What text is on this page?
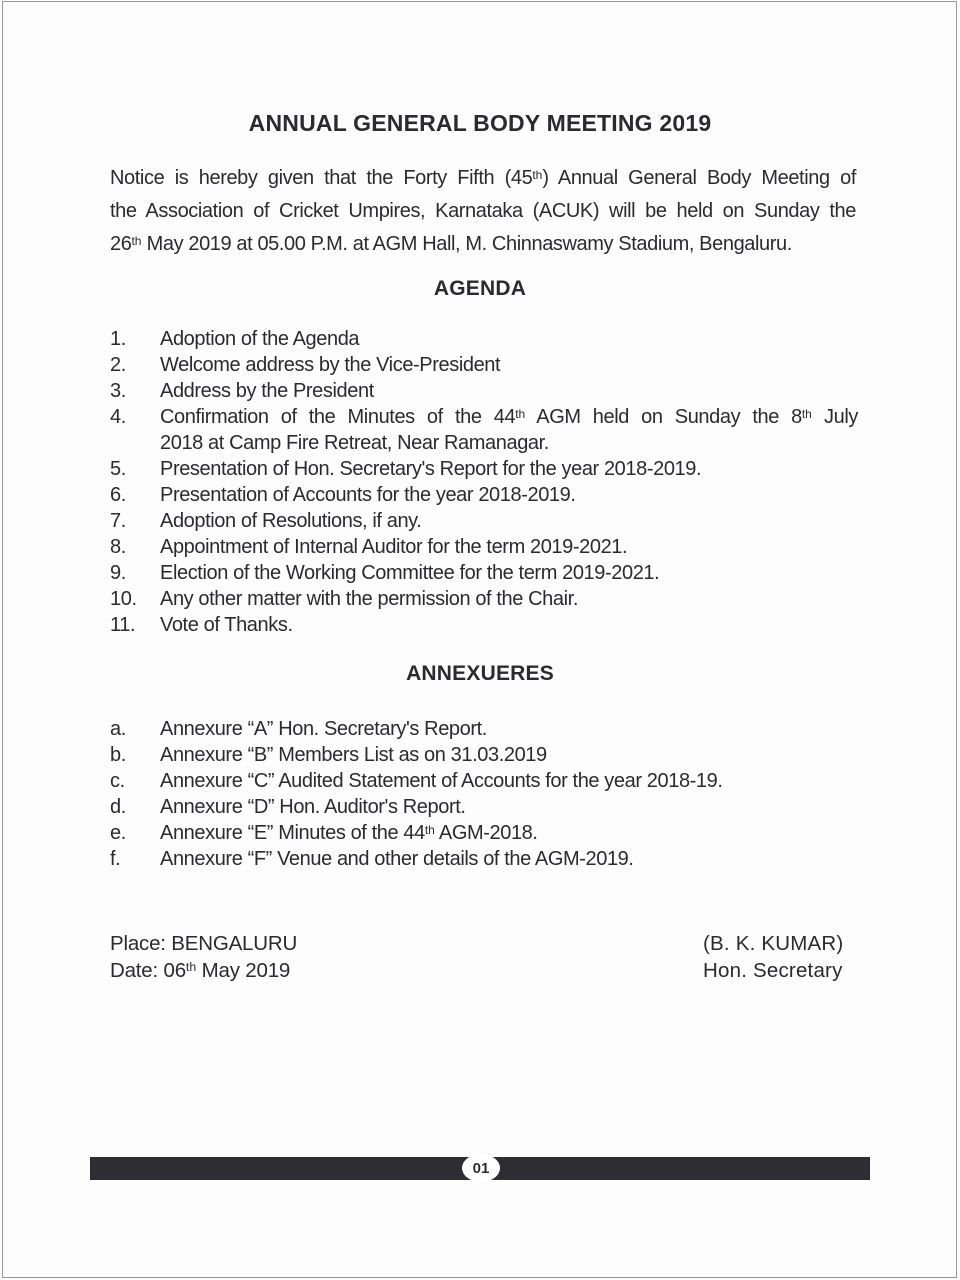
ANNUAL GENERAL BODY MEETING 2019
Notice is hereby given that the Forty Fifth (45th) Annual General Body Meeting of
the Association of Cricket Umpires, Karnataka (ACUK) will be held on Sunday the
26th May 2019 at 05.00 P.M. at AGM Hall, M. Chinnaswamy Stadium, Bengaluru.
AGENDA
1.	Adoption of the Agenda
2.	Welcome address by the Vice-President
3.	Address by the President
4.	Confirmation of the Minutes of the 44th AGM held on Sunday the 8th July
2018 at Camp Fire Retreat, Near Ramanagar.
5.	Presentation of Hon. Secretary's Report for the year 2018-2019.
6.	Presentation of Accounts for the year 2018-2019.
7.	Adoption of Resolutions, if any.
8.	Appointment of Internal Auditor for the term 2019-2021.
9.	Election of the Working Committee for the term 2019-2021.
10.	Any other matter with the permission of the Chair.
11.	Vote of Thanks.
ANNEXUERES
a.	Annexure “A” Hon. Secretary's Report.
b.	Annexure “B” Members List as on 31.03.2019
c.	Annexure “C” Audited Statement of Accounts for the year 2018-19.
d.	Annexure “D” Hon. Auditor's Report.
e.	Annexure “E” Minutes of the 44th AGM-2018.
f.	Annexure “F” Venue and other details of the AGM-2019.
Place: BENGALURU
Date: 06th May 2019
(B. K. KUMAR)
Hon. Secretary
01
